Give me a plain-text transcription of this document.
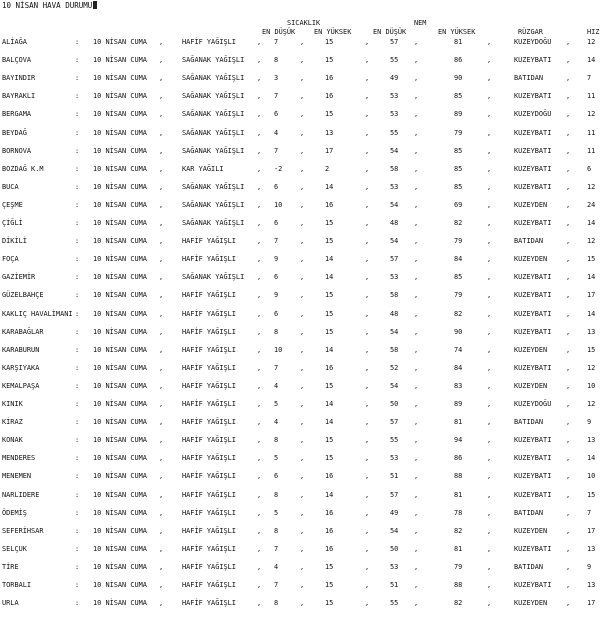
10 NİSAN HAVA DURUMU
SICAKLIK	NEM
EN DÜŞÜK	EN YÜKSEK	EN DÜŞÜK	EN YÜKSEK	RÜZGAR	HIZ
ALİAĞA	: 10 NİSAN CUMA ,	HAFİF YAĞIŞLI	, 7	,	15	,	57 ,	81	,	KUZEYDOĞU , 12
BALÇOVA	: 10 NİSAN CUMA ,	SAĞANAK YAĞIŞLI , 8	,	15	,	55 ,	86	,	KUZEYBATI , 14
BAYINDIR	: 10 NİSAN CUMA ,	SAĞANAK YAĞIŞLI , 3	,	16	,	49 ,	90	,	BATIDAN	, 7
BAYRAKLI	: 10 NİSAN CUMA ,	SAĞANAK YAĞIŞLI , 7	,	16	,	53 ,	85	,	KUZEYBATI , 11
BERGAMA	: 10 NİSAN CUMA ,	SAĞANAK YAĞIŞLI , 6	,	15	,	53 ,	89	,	KUZEYDOĞU , 12
BEYDAĞ	: 10 NİSAN CUMA ,	SAĞANAK YAĞIŞLI , 4	,	13	,	55 ,	79	,	KUZEYBATI , 11
BORNOVA	: 10 NİSAN CUMA ,	SAĞANAK YAĞIŞLI , 7	,	17	,	54 ,	85	,	KUZEYBATI , 11
BOZDAĞ K.M	: 10 NİSAN CUMA ,	KAR YAĞILI	, -2	,	2	,	58 ,	85	,	KUZEYBATI , 6
BUCA	: 10 NİSAN CUMA ,	SAĞANAK YAĞIŞLI , 6	,	14	,	53 ,	85	,	KUZEYBATI , 12
ÇEŞME	: 10 NİSAN CUMA ,	SAĞANAK YAĞIŞLI , 10	,	16	,	54 ,	69	,	KUZEYDEN	, 24
ÇİĞLİ	: 10 NİSAN CUMA ,	SAĞANAK YAĞIŞLI , 6	,	15	,	48 ,	82	,	KUZEYBATI , 14
DİKİLİ	: 10 NİSAN CUMA ,	HAFİF YAĞIŞLI	, 7	,	15	,	54 ,	79	,	BATIDAN	, 12
FOÇA	: 10 NİSAN CUMA ,	HAFİF YAĞIŞLI	, 9	,	14	,	57 ,	84	,	KUZEYDEN	, 15
GAZİEMİR	: 10 NİSAN CUMA ,	SAĞANAK YAĞIŞLI , 6	,	14	,	53 ,	85	,	KUZEYBATI , 14
GÜZELBAHÇE	: 10 NİSAN CUMA ,	HAFİF YAĞIŞLI	, 9	,	15	,	58 ,	79	,	KUZEYBATI , 17
KAKLIÇ HAVALİMANI : 10 NİSAN CUMA ,	HAFİF YAĞIŞLI	, 6	,	15	,	48 ,	82	,	KUZEYBATI , 14
KARABAĞLAR	: 10 NİSAN CUMA ,	HAFİF YAĞIŞLI	, 8	,	15	,	54 ,	90	,	KUZEYBATI , 13
KARABURUN	: 10 NİSAN CUMA ,	HAFİF YAĞIŞLI	, 10	,	14	,	58 ,	74	,	KUZEYDEN	, 15
KARŞIYAKA	: 10 NİSAN CUMA ,	HAFİF YAĞIŞLI	, 7	,	16	,	52 ,	84	,	KUZEYBATI , 12
KEMALPAŞA	: 10 NİSAN CUMA ,	HAFİF YAĞIŞLI	, 4	,	15	,	54 ,	83	,	KUZEYDEN	, 10
KINIK	: 10 NİSAN CUMA ,	HAFİF YAĞIŞLI	, 5	,	14	,	50 ,	89	,	KUZEYDOĞU , 12
KİRAZ	: 10 NİSAN CUMA ,	HAFİF YAĞIŞLI	, 4	,	14	,	57 ,	81	,	BATIDAN	, 9
KONAK	: 10 NİSAN CUMA ,	HAFİF YAĞIŞLI	, 8	,	15	,	55 ,	94	,	KUZEYBATI , 13
MENDERES	: 10 NİSAN CUMA ,	HAFİF YAĞIŞLI	, 5	,	15	,	53 ,	86	,	KUZEYBATI , 14
MENEMEN	: 10 NİSAN CUMA ,	HAFİF YAĞIŞLI	, 6	,	16	,	51 ,	88	,	KUZEYBATI , 10
NARLIDERE	: 10 NİSAN CUMA ,	HAFİF YAĞIŞLI	, 8	,	14	,	57 ,	81	,	KUZEYBATI , 15
ÖDEMİŞ	: 10 NİSAN CUMA ,	HAFİF YAĞIŞLI	, 5	,	16	,	49 ,	78	,	BATIDAN	, 7
SEFERİHSAR	: 10 NİSAN CUMA ,	HAFİF YAĞIŞLI	, 8	,	16	,	54 ,	82	,	KUZEYDEN	, 17
SELÇUK	: 10 NİSAN CUMA ,	HAFİF YAĞIŞLI	, 7	,	16	,	50 ,	81	,	KUZEYBATI , 13
TİRE	: 10 NİSAN CUMA ,	HAFİF YAĞIŞLI	, 4	,	15	,	53 ,	79	,	BATIDAN	, 9
TORBALI	: 10 NİSAN CUMA ,	HAFİF YAĞIŞLI	, 7	,	15	,	51 ,	88	,	KUZEYBATI , 13
URLA	: 10 NİSAN CUMA ,	HAFİF YAĞIŞLI	, 8	,	15	,	55 ,	82	,	KUZEYDEN	, 17
